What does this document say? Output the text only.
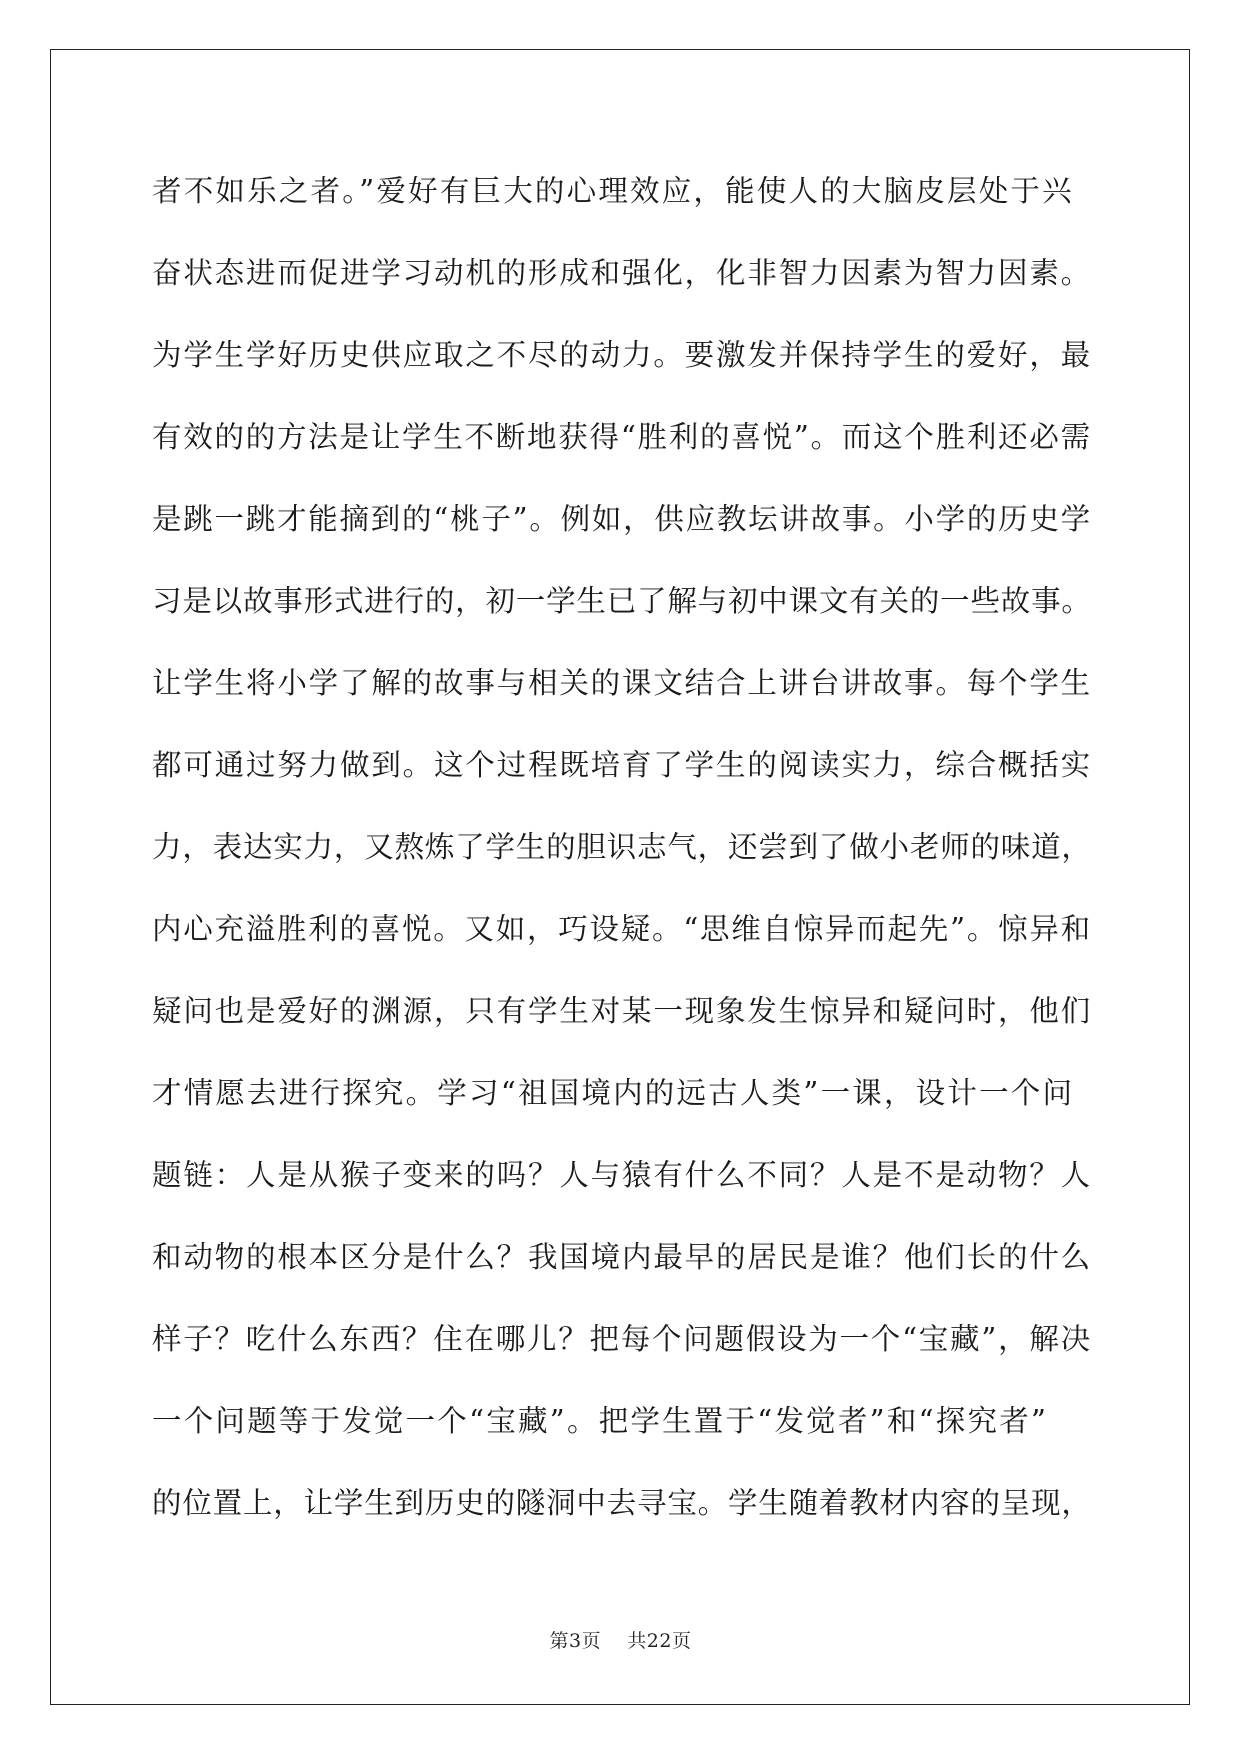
者不如乐之者。”爱好有巨大的心理效应，能使人的大脑皮层处于兴
奋状态进而促进学习动机的形成和强化，化非智力因素为智力因素。
为学生学好历史供应取之不尽的动力。要激发并保持学生的爱好，最
有效的的方法是让学生不断地获得“胜利的喜悦”。而这个胜利还必需
是跳一跳才能摘到的“桃子”。例如，供应教坛讲故事。小学的历史学
习是以故事形式进行的，初一学生已了解与初中课文有关的一些故事。
让学生将小学了解的故事与相关的课文结合上讲台讲故事。每个学生
都可通过努力做到。这个过程既培育了学生的阅读实力，综合概括实
力，表达实力，又熬炼了学生的胆识志气，还尝到了做小老师的味道，
内心充溢胜利的喜悦。又如，巧设疑。“思维自惊异而起先”。惊异和
疑问也是爱好的渊源，只有学生对某一现象发生惊异和疑问时，他们
才情愿去进行探究。学习“祖国境内的远古人类”一课，设计一个问
题链：人是从猴子变来的吗？人与猿有什么不同？人是不是动物？人
和动物的根本区分是什么？我国境内最早的居民是谁？他们长的什么
样子？吃什么东西？住在哪儿？把每个问题假设为一个“宝藏”，解决
一个问题等于发觉一个“宝藏”。把学生置于“发觉者”和“探究者”
的位置上，让学生到历史的隧洞中去寻宝。学生随着教材内容的呈现，
第3页 共22页
